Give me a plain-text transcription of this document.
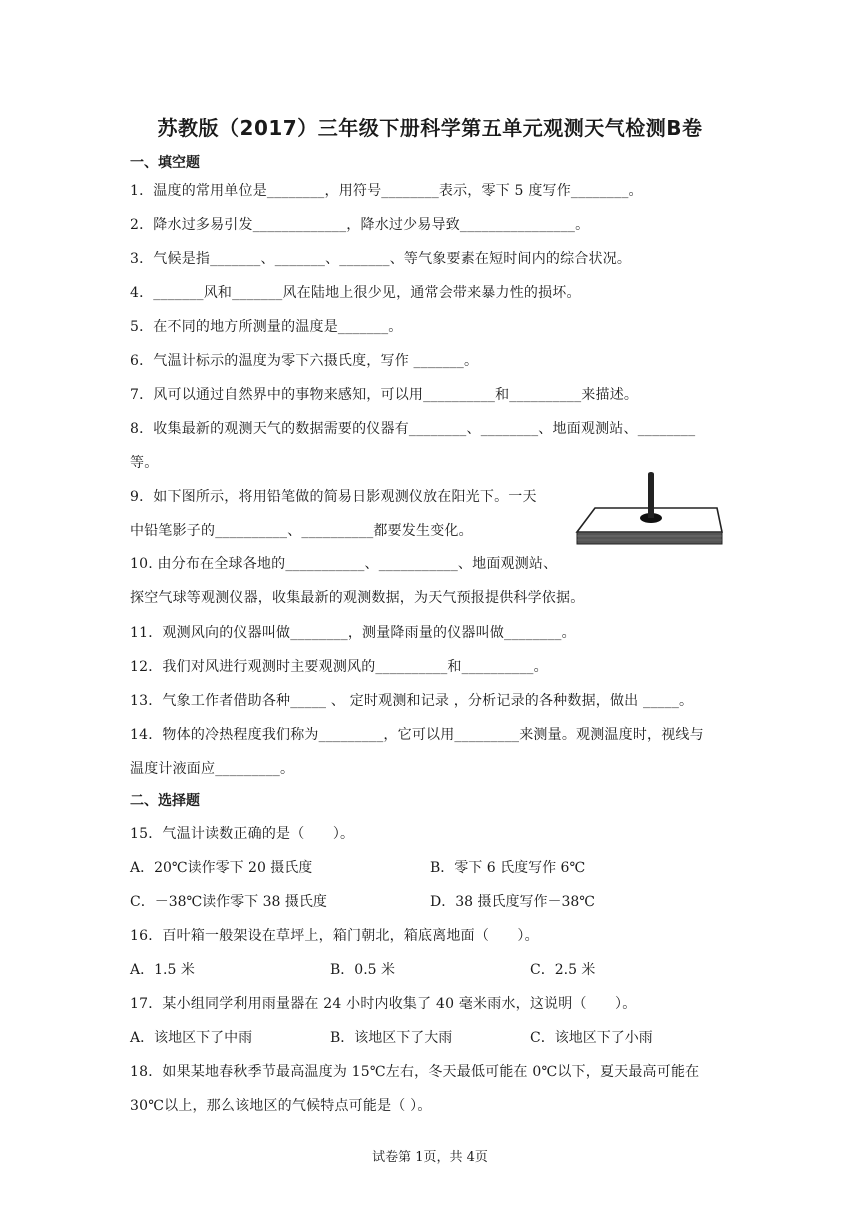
苏教版（2017）三年级下册科学第五单元观测天气检测B卷
一、填空题
1．温度的常用单位是________，用符号________表示，零下 5 度写作________。
2．降水过多易引发_____________，降水过少易导致________________。
3．气候是指_______、_______、_______、等气象要素在短时间内的综合状况。
4．_______风和_______风在陆地上很少见，通常会带来暴力性的损坏。
5．在不同的地方所测量的温度是_______。
6．气温计标示的温度为零下六摄氏度，写作 _______。
7．风可以通过自然界中的事物来感知，可以用__________和__________来描述。
8．收集最新的观测天气的数据需要的仪器有________、________、地面观测站、________
等。
9．如下图所示，将用铅笔做的简易日影观测仪放在阳光下。一天
中铅笔影子的__________、__________都要发生变化。
10. 由分布在全球各地的___________、___________、地面观测站、
探空气球等观测仪器，收集最新的观测数据，为天气预报提供科学依据。
11．观测风向的仪器叫做________，测量降雨量的仪器叫做________。
12．我们对风进行观测时主要观测风的__________和__________。
13．气象工作者借助各种_____ 、 定时观测和记录 ，分析记录的各种数据，做出 _____。
14．物体的冷热程度我们称为_________，它可以用_________来测量。观测温度时，视线与
温度计液面应_________。
二、选择题
15．气温计读数正确的是（　　）。
A．20℃读作零下 20 摄氏度	B．零下 6 氏度写作 6℃
C．－38℃读作零下 38 摄氏度	D．38 摄氏度写作－38℃
16．百叶箱一般架设在草坪上，箱门朝北，箱底离地面（　　）。
A．1.5 米	B．0.5 米	C．2.5 米
17．某小组同学利用雨量器在 24 小时内收集了 40 毫米雨水，这说明（　　）。
A．该地区下了中雨	B．该地区下了大雨	C．该地区下了小雨
18．如果某地春秋季节最高温度为 15℃左右，冬天最低可能在 0℃以下，夏天最高可能在
30℃以上，那么该地区的气候特点可能是（ ）。
试卷第 1页，共 4页
